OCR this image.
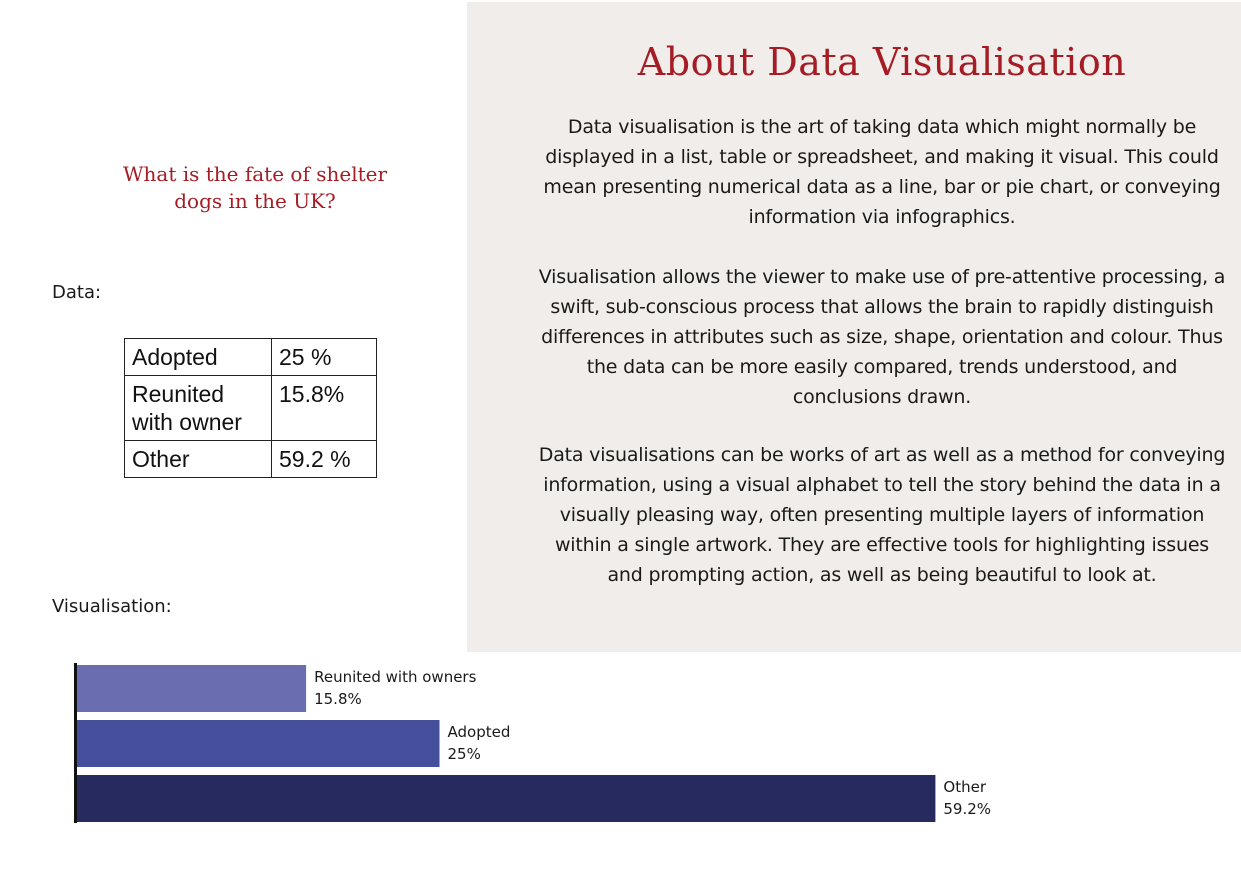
What is the fate of shelter dogs in the UK?

Data:

Adopted	25 %
Reunited with owner	15.8%
Other	59.2 %

Visualisation:

About Data Visualisation

Data visualisation is the art of taking data which might normally be displayed in a list, table or spreadsheet, and making it visual. This could mean presenting numerical data as a line, bar or pie chart, or conveying information via infographics.

Visualisation allows the viewer to make use of pre-attentive processing, a swift, sub-conscious process that allows the brain to rapidly distinguish differences in attributes such as size, shape, orientation and colour. Thus the data can be more easily compared, trends understood, and conclusions drawn.

Data visualisations can be works of art as well as a method for conveying information, using a visual alphabet to tell the story behind the data in a visually pleasing way, often presenting multiple layers of information within a single artwork. They are effective tools for highlighting issues and prompting action, as well as being beautiful to look at.

Reunited with owners
15.8%
Adopted
25%
Other
59.2%
